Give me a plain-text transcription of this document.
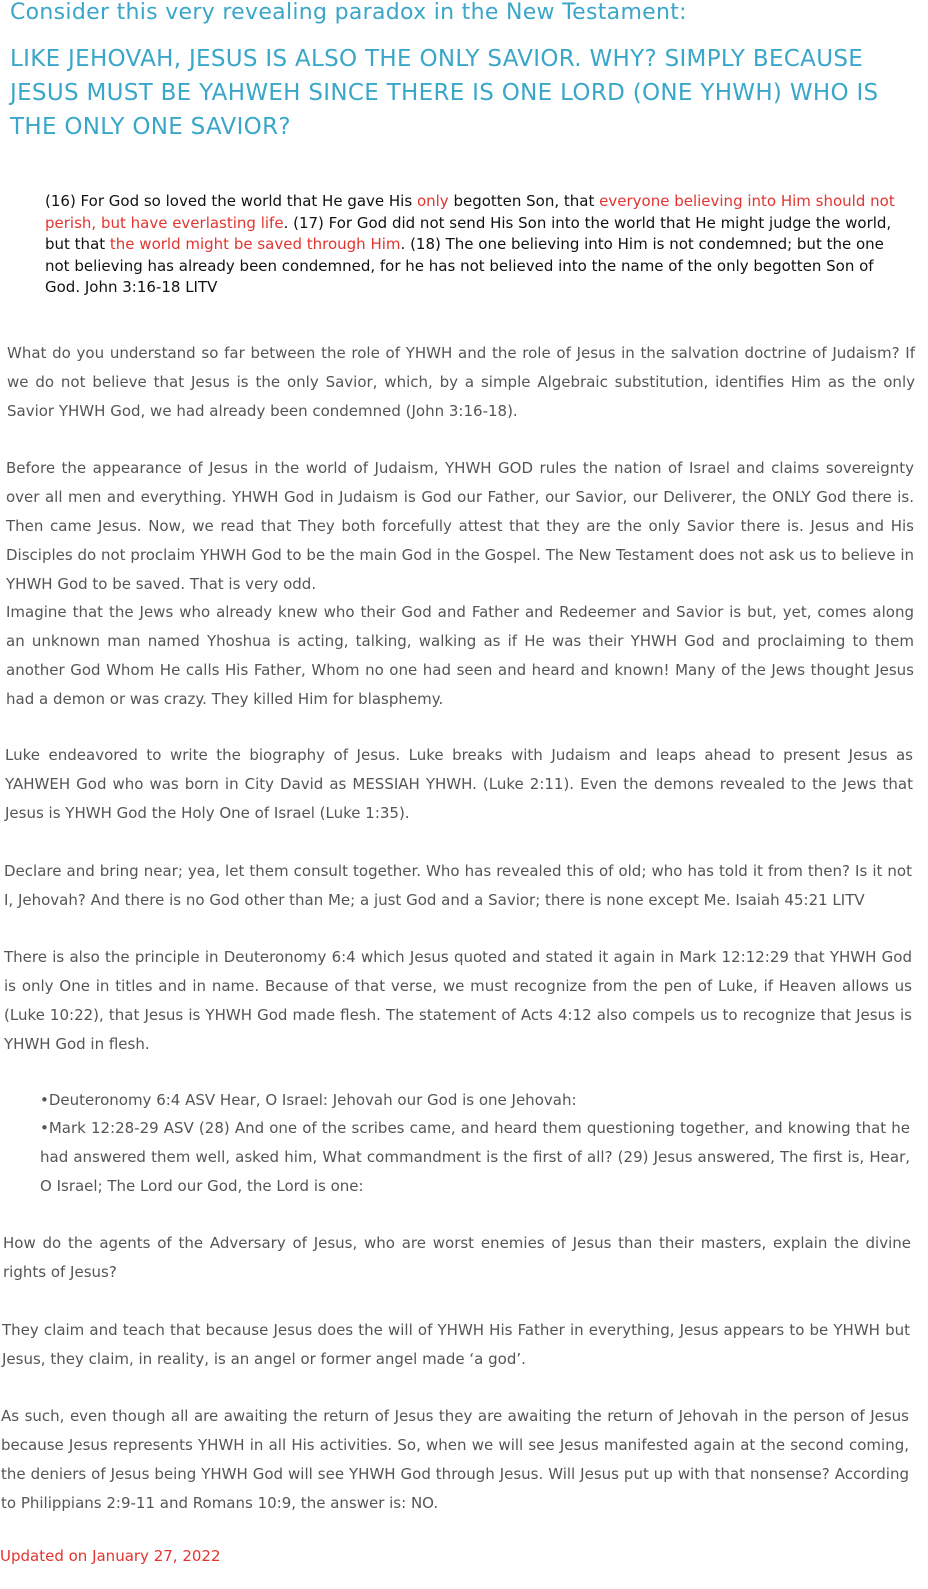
Consider this very revealing paradox in the New Testament:
LIKE JEHOVAH, JESUS IS ALSO THE ONLY SAVIOR. WHY? SIMPLY BECAUSE JESUS MUST BE YAHWEH SINCE THERE IS ONE LORD (ONE YHWH) WHO IS THE ONLY ONE SAVIOR?
(16) For God so loved the world that He gave His only begotten Son, that everyone believing into Him should not perish, but have everlasting life. (17) For God did not send His Son into the world that He might judge the world, but that the world might be saved through Him. (18) The one believing into Him is not condemned; but the one not believing has already been condemned, for he has not believed into the name of the only begotten Son of God. John 3:16-18 LITV

What do you understand so far between the role of YHWH and the role of Jesus in the salvation doctrine of Judaism? If we do not believe that Jesus is the only Savior, which, by a simple Algebraic substitution, identifies Him as the only Savior YHWH God, we had already been condemned (John 3:16-18).

Before the appearance of Jesus in the world of Judaism, YHWH GOD rules the nation of Israel and claims sovereignty over all men and everything. YHWH God in Judaism is God our Father, our Savior, our Deliverer, the ONLY God there is. Then came Jesus. Now, we read that They both forcefully attest that they are the only Savior there is. Jesus and His Disciples do not proclaim YHWH God to be the main God in the Gospel. The New Testament does not ask us to believe in YHWH God to be saved. That is very odd.

Imagine that the Jews who already knew who their God and Father and Redeemer and Savior is but, yet, comes along an unknown man named Yhoshua is acting, talking, walking as if He was their YHWH God and proclaiming to them another God Whom He calls His Father, Whom no one had seen and heard and known! Many of the Jews thought Jesus had a demon or was crazy. They killed Him for blasphemy.

Luke endeavored to write the biography of Jesus. Luke breaks with Judaism and leaps ahead to present Jesus as YAHWEH God who was born in City David as MESSIAH YHWH. (Luke 2:11). Even the demons revealed to the Jews that Jesus is YHWH God the Holy One of Israel (Luke 1:35).

Declare and bring near; yea, let them consult together. Who has revealed this of old; who has told it from then? Is it not I, Jehovah? And there is no God other than Me; a just God and a Savior; there is none except Me. Isaiah 45:21 LITV

There is also the principle in Deuteronomy 6:4 which Jesus quoted and stated it again in Mark 12:12:29 that YHWH God is only One in titles and in name. Because of that verse, we must recognize from the pen of Luke, if Heaven allows us (Luke 10:22), that Jesus is YHWH God made flesh. The statement of Acts 4:12 also compels us to recognize that Jesus is YHWH God in flesh.

•Deuteronomy 6:4 ASV Hear, O Israel: Jehovah our God is one Jehovah:

•Mark 12:28-29 ASV (28) And one of the scribes came, and heard them questioning together, and knowing that he had answered them well, asked him, What commandment is the first of all? (29) Jesus answered, The first is, Hear, O Israel; The Lord our God, the Lord is one:

How do the agents of the Adversary of Jesus, who are worst enemies of Jesus than their masters, explain the divine rights of Jesus?

They claim and teach that because Jesus does the will of YHWH His Father in everything, Jesus appears to be YHWH but Jesus, they claim, in reality, is an angel or former angel made ‘a god’.

As such, even though all are awaiting the return of Jesus they are awaiting the return of Jehovah in the person of Jesus because Jesus represents YHWH in all His activities. So, when we will see Jesus manifested again at the second coming, the deniers of Jesus being YHWH God will see YHWH God through Jesus. Will Jesus put up with that nonsense? According to Philippians 2:9-11 and Romans 10:9, the answer is: NO.

Updated on January 27, 2022
